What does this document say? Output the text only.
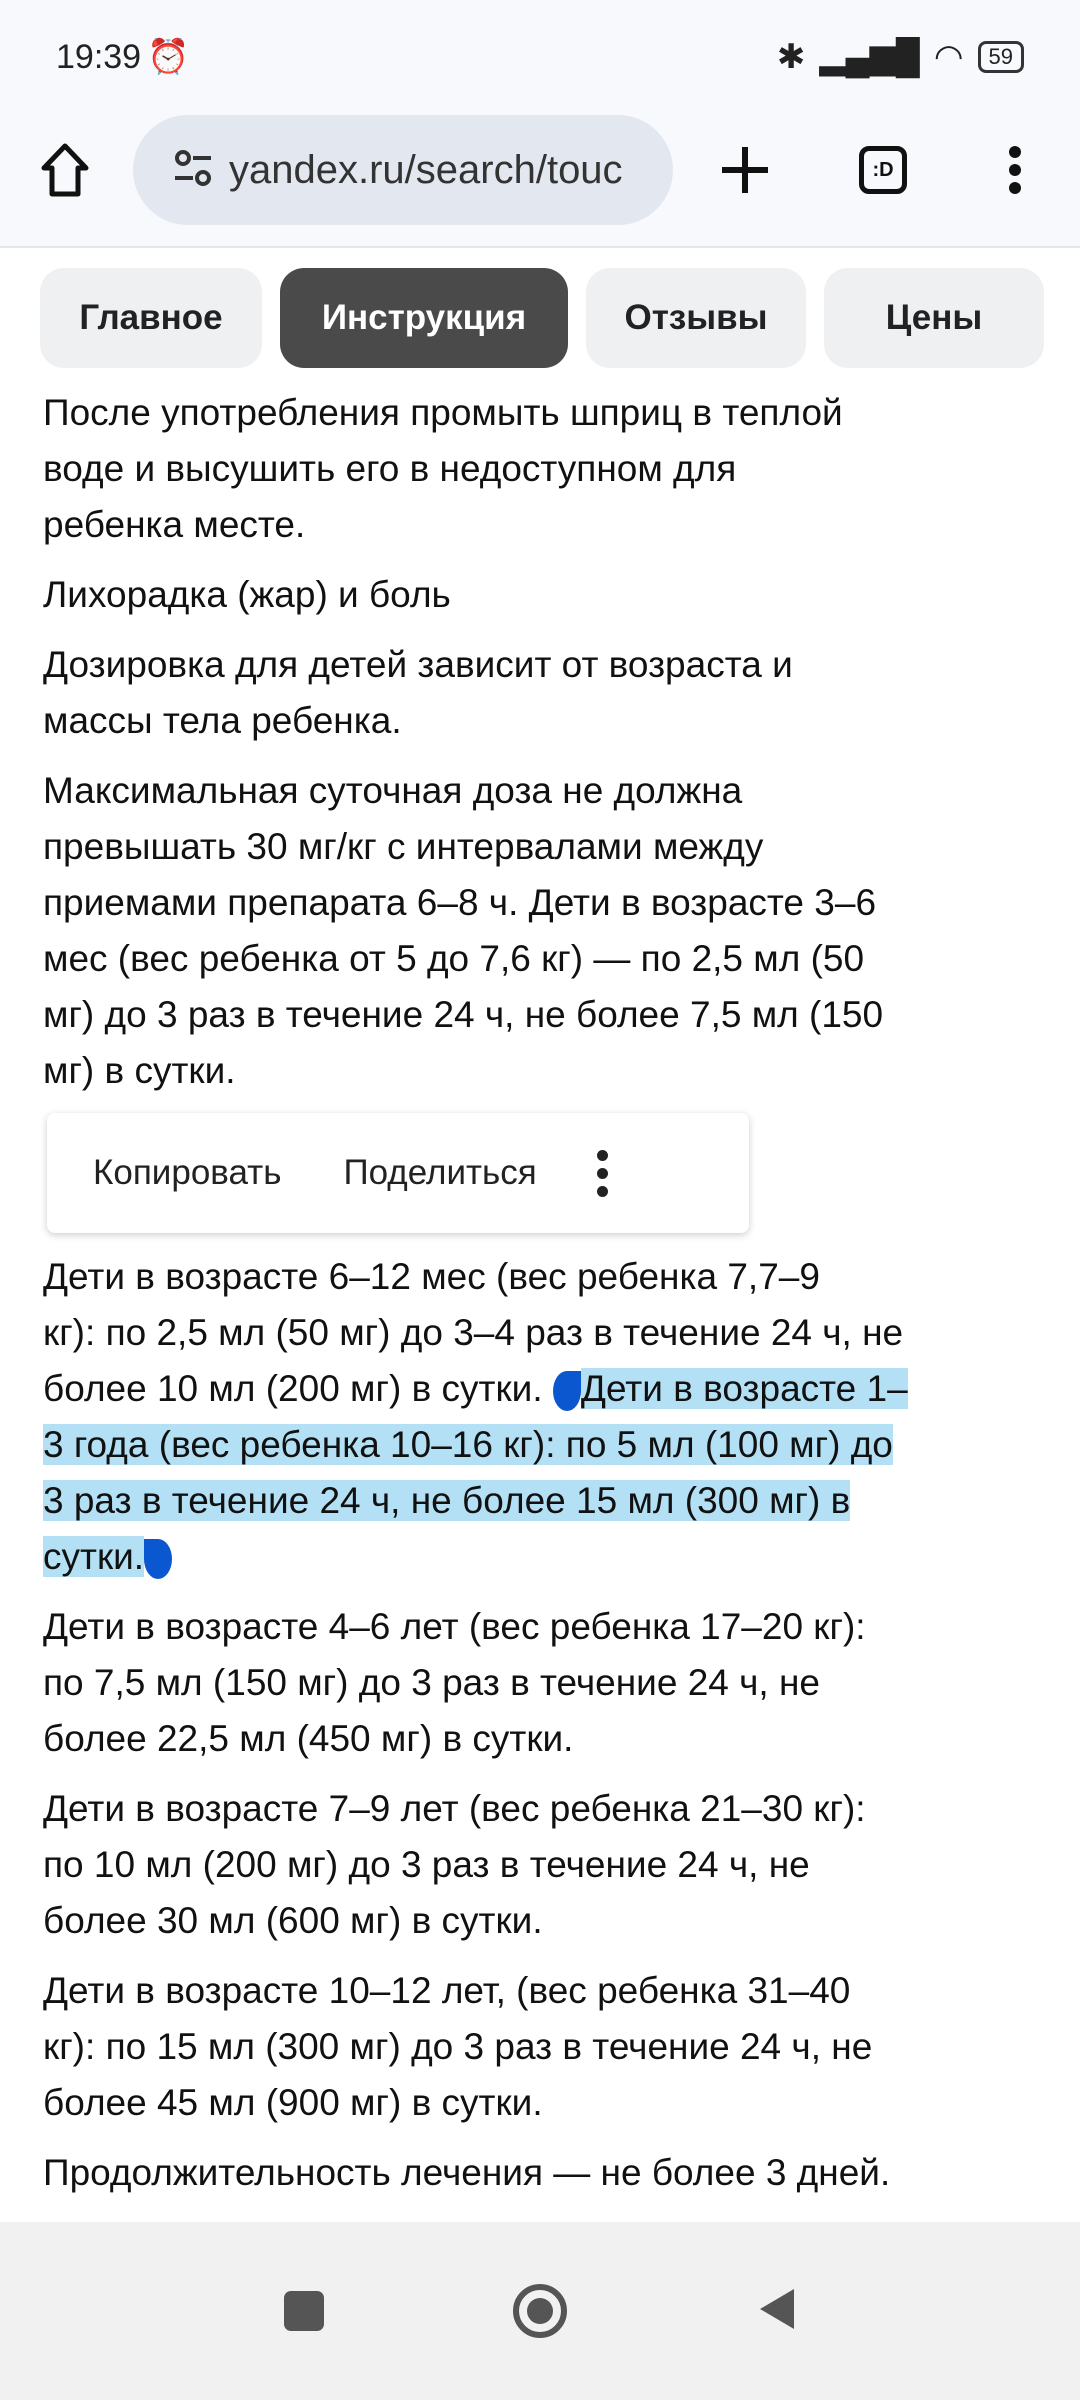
19:39 ⏰	✱ ▂▄▆█ ◠	59
yandex.ru/search/touc	:D
Главное	Инструкция	Отзывы	Цены
После употребления промыть шприц в теплой
воде и высушить его в недоступном для
ребенка месте.
Лихорадка (жар) и боль
Дозировка для детей зависит от возраста и
массы тела ребенка.
Максимальная суточная доза не должна
превышать 30 мг/кг с интервалами между
приемами препарата 6–8 ч. Дети в возрасте 3–6
мес (вес ребенка от 5 до 7,6 кг) — по 2,5 мл (50
мг) до 3 раз в течение 24 ч, не более 7,5 мл (150
мг) в сутки.
Копировать Поделиться
Дети в возрасте 6–12 мес (вес ребенка 7,7–9
кг): по 2,5 мл (50 мг) до 3–4 раз в течение 24 ч, не
более 10 мл (200 мг) в сутки. Дети в возрасте 1–
3 года (вес ребенка 10–16 кг): по 5 мл (100 мг) до
3 раз в течение 24 ч, не более 15 мл (300 мг) в
сутки.
Дети в возрасте 4–6 лет (вес ребенка 17–20 кг):
по 7,5 мл (150 мг) до 3 раз в течение 24 ч, не
более 22,5 мл (450 мг) в сутки.
Дети в возрасте 7–9 лет (вес ребенка 21–30 кг):
по 10 мл (200 мг) до 3 раз в течение 24 ч, не
более 30 мл (600 мг) в сутки.
Дети в возрасте 10–12 лет, (вес ребенка 31–40
кг): по 15 мл (300 мг) до 3 раз в течение 24 ч, не
более 45 мл (900 мг) в сутки.
Продолжительность лечения — не более 3 дней.
